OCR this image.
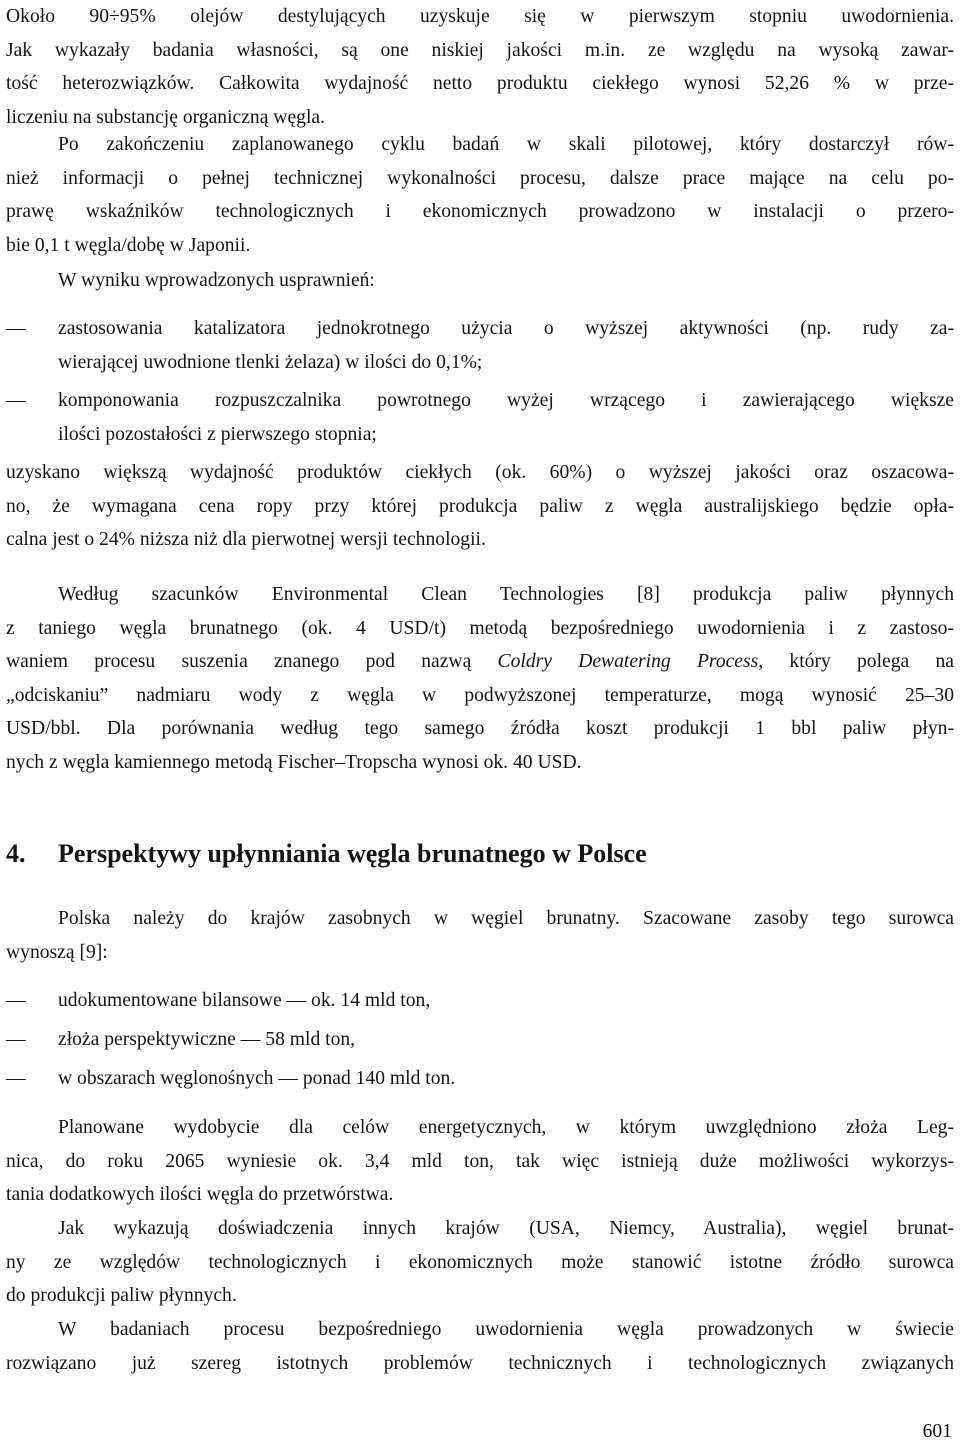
Około 90÷95% olejów destylujących uzyskuje się w pierwszym stopniu uwodornienia.
Jak wykazały badania własności, są one niskiej jakości m.in. ze względu na wysoką zawar-
tość heterozwiązków. Całkowita wydajność netto produktu ciekłego wynosi 52,26 % w prze-
liczeniu na substancję organiczną węgla.
Po zakończeniu zaplanowanego cyklu badań w skali pilotowej, który dostarczył rów-
nież informacji o pełnej technicznej wykonalności procesu, dalsze prace mające na celu po-
prawę wskaźników technologicznych i ekonomicznych prowadzono w instalacji o przero-
bie 0,1 t węgla/dobę w Japonii.
W wyniku wprowadzonych usprawnień:
—	zastosowania katalizatora jednokrotnego użycia o wyższej aktywności (np. rudy za-
wierającej uwodnione tlenki żelaza) w ilości do 0,1%;
—	komponowania rozpuszczalnika powrotnego wyżej wrzącego i zawierającego większe
ilości pozostałości z pierwszego stopnia;
uzyskano większą wydajność produktów ciekłych (ok. 60%) o wyższej jakości oraz oszacowa-
no, że wymagana cena ropy przy której produkcja paliw z węgla australijskiego będzie opła-
calna jest o 24% niższa niż dla pierwotnej wersji technologii.
Według szacunków Environmental Clean Technologies [8] produkcja paliw płynnych
z taniego węgla brunatnego (ok. 4 USD/t) metodą bezpośredniego uwodornienia i z zastoso-
waniem procesu suszenia znanego pod nazwą Coldry Dewatering Process, który polega na
„odciskaniu” nadmiaru wody z węgla w podwyższonej temperaturze, mogą wynosić 25–30
USD/bbl. Dla porównania według tego samego źródła koszt produkcji 1 bbl paliw płyn-
nych z węgla kamiennego metodą Fischer–Tropscha wynosi ok. 40 USD.
4. Perspektywy upłynniania węgla brunatnego w Polsce
Polska należy do krajów zasobnych w węgiel brunatny. Szacowane zasoby tego surowca
wynoszą [9]:
—	udokumentowane bilansowe — ok. 14 mld ton,
—	złoża perspektywiczne — 58 mld ton,
—	w obszarach węglonośnych — ponad 140 mld ton.
Planowane wydobycie dla celów energetycznych, w którym uwzględniono złoża Leg-
nica, do roku 2065 wyniesie ok. 3,4 mld ton, tak więc istnieją duże możliwości wykorzys-
tania dodatkowych ilości węgla do przetwórstwa.
Jak wykazują doświadczenia innych krajów (USA, Niemcy, Australia), węgiel brunat-
ny ze względów technologicznych i ekonomicznych może stanowić istotne źródło surowca
do produkcji paliw płynnych.
W badaniach procesu bezpośredniego uwodornienia węgla prowadzonych w świecie
rozwiązano już szereg istotnych problemów technicznych i technologicznych związanych
601
